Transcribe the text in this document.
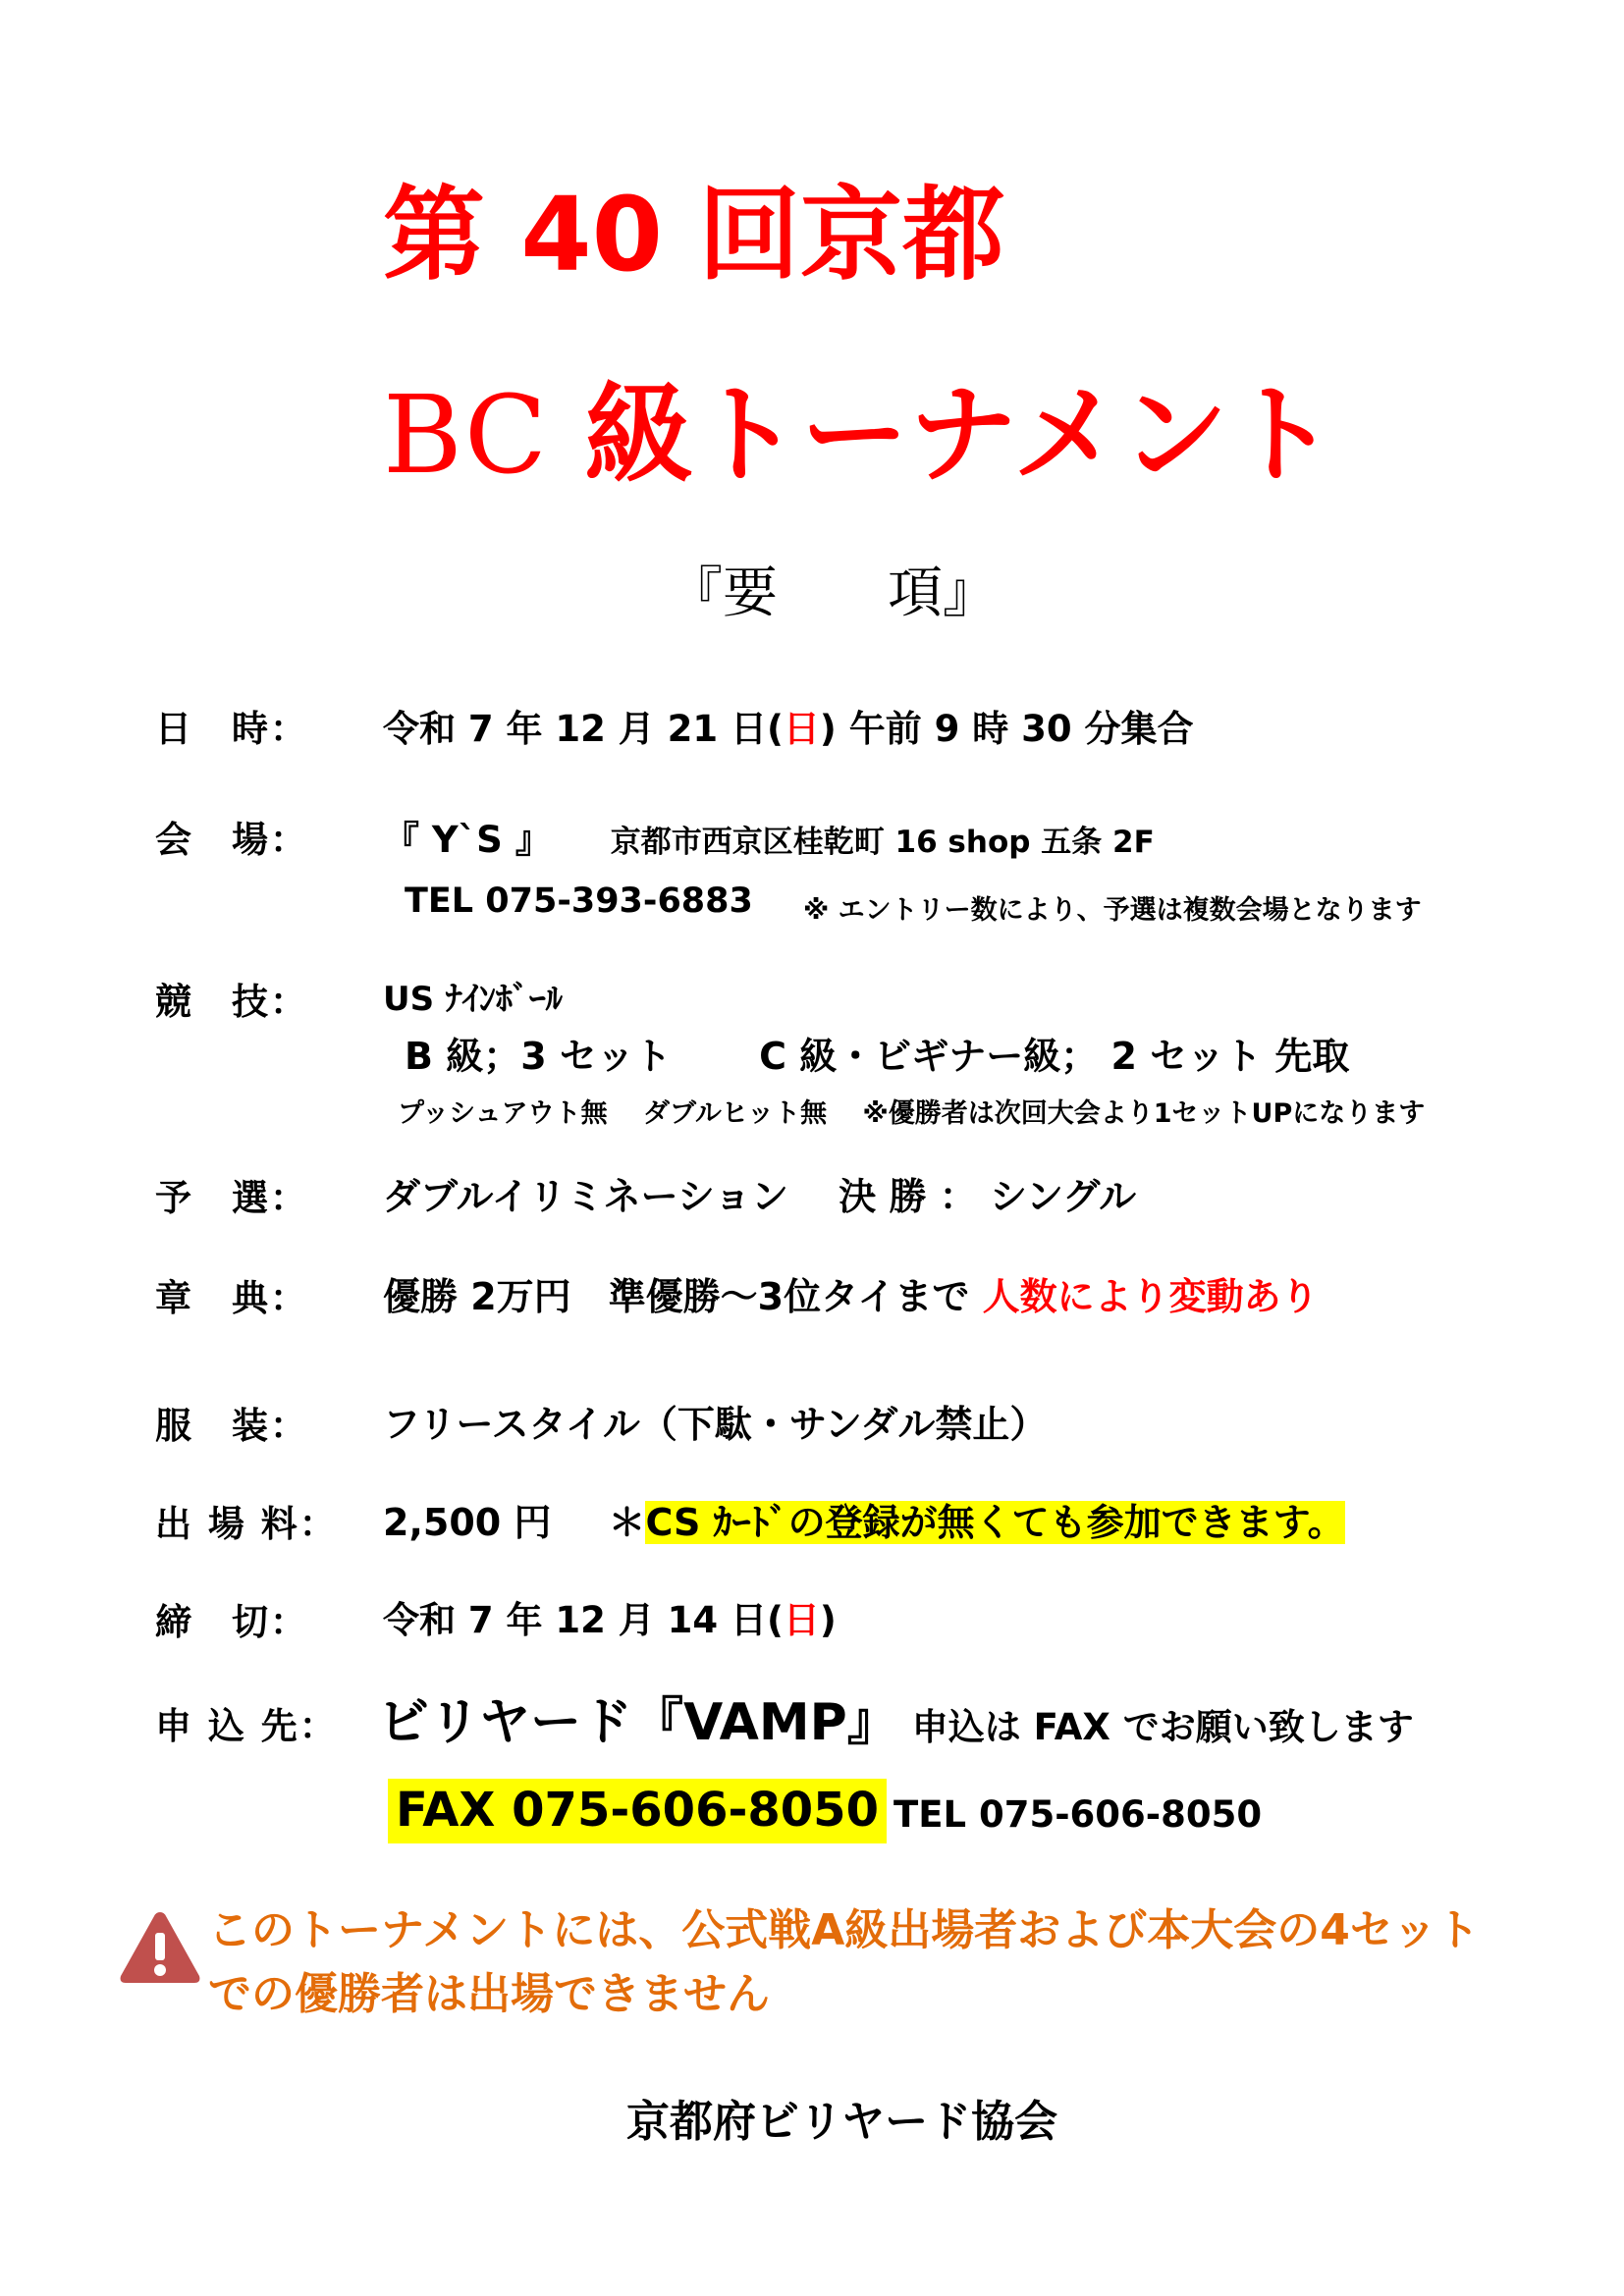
第 40 回京都
BC 級トーナメント
『要　　項』
日　時： 令和 7 年 12 月 21 日(日) 午前 9 時 30 分集合
会　場： 『 Y`S 』 京都市西京区桂乾町 16 shop 五条 2F
TEL 075-393-6883 ※ エントリー数により、予選は複数会場となります
競　技： US ﾅｲﾝﾎﾞｰﾙ
B 級；3 セット　　 C 級・ビギナー級； 2 セット 先取
プッシュアウト無　 ダブルヒット無　 ※優勝者は次回大会より1セットUPになります
予　選： ダブルイリミネーション　 決 勝 ： シングル
章　典： 優勝 2万円　準優勝～3位タイまで 人数により変動あり
服　装： フリースタイル（下駄・サンダル禁止）
出 場 料： 2,500 円 ＊CS ｶｰﾄﾞの登録が無くても参加できます。
締　切： 令和 7 年 12 月 14 日(日)
申 込 先： ビリヤード『VAMP』 申込は FAX でお願い致します
FAX 075-606-8050 TEL 075-606-8050
このトーナメントには、公式戦A級出場者および本大会の4セット
での優勝者は出場できません
京都府ビリヤード協会
